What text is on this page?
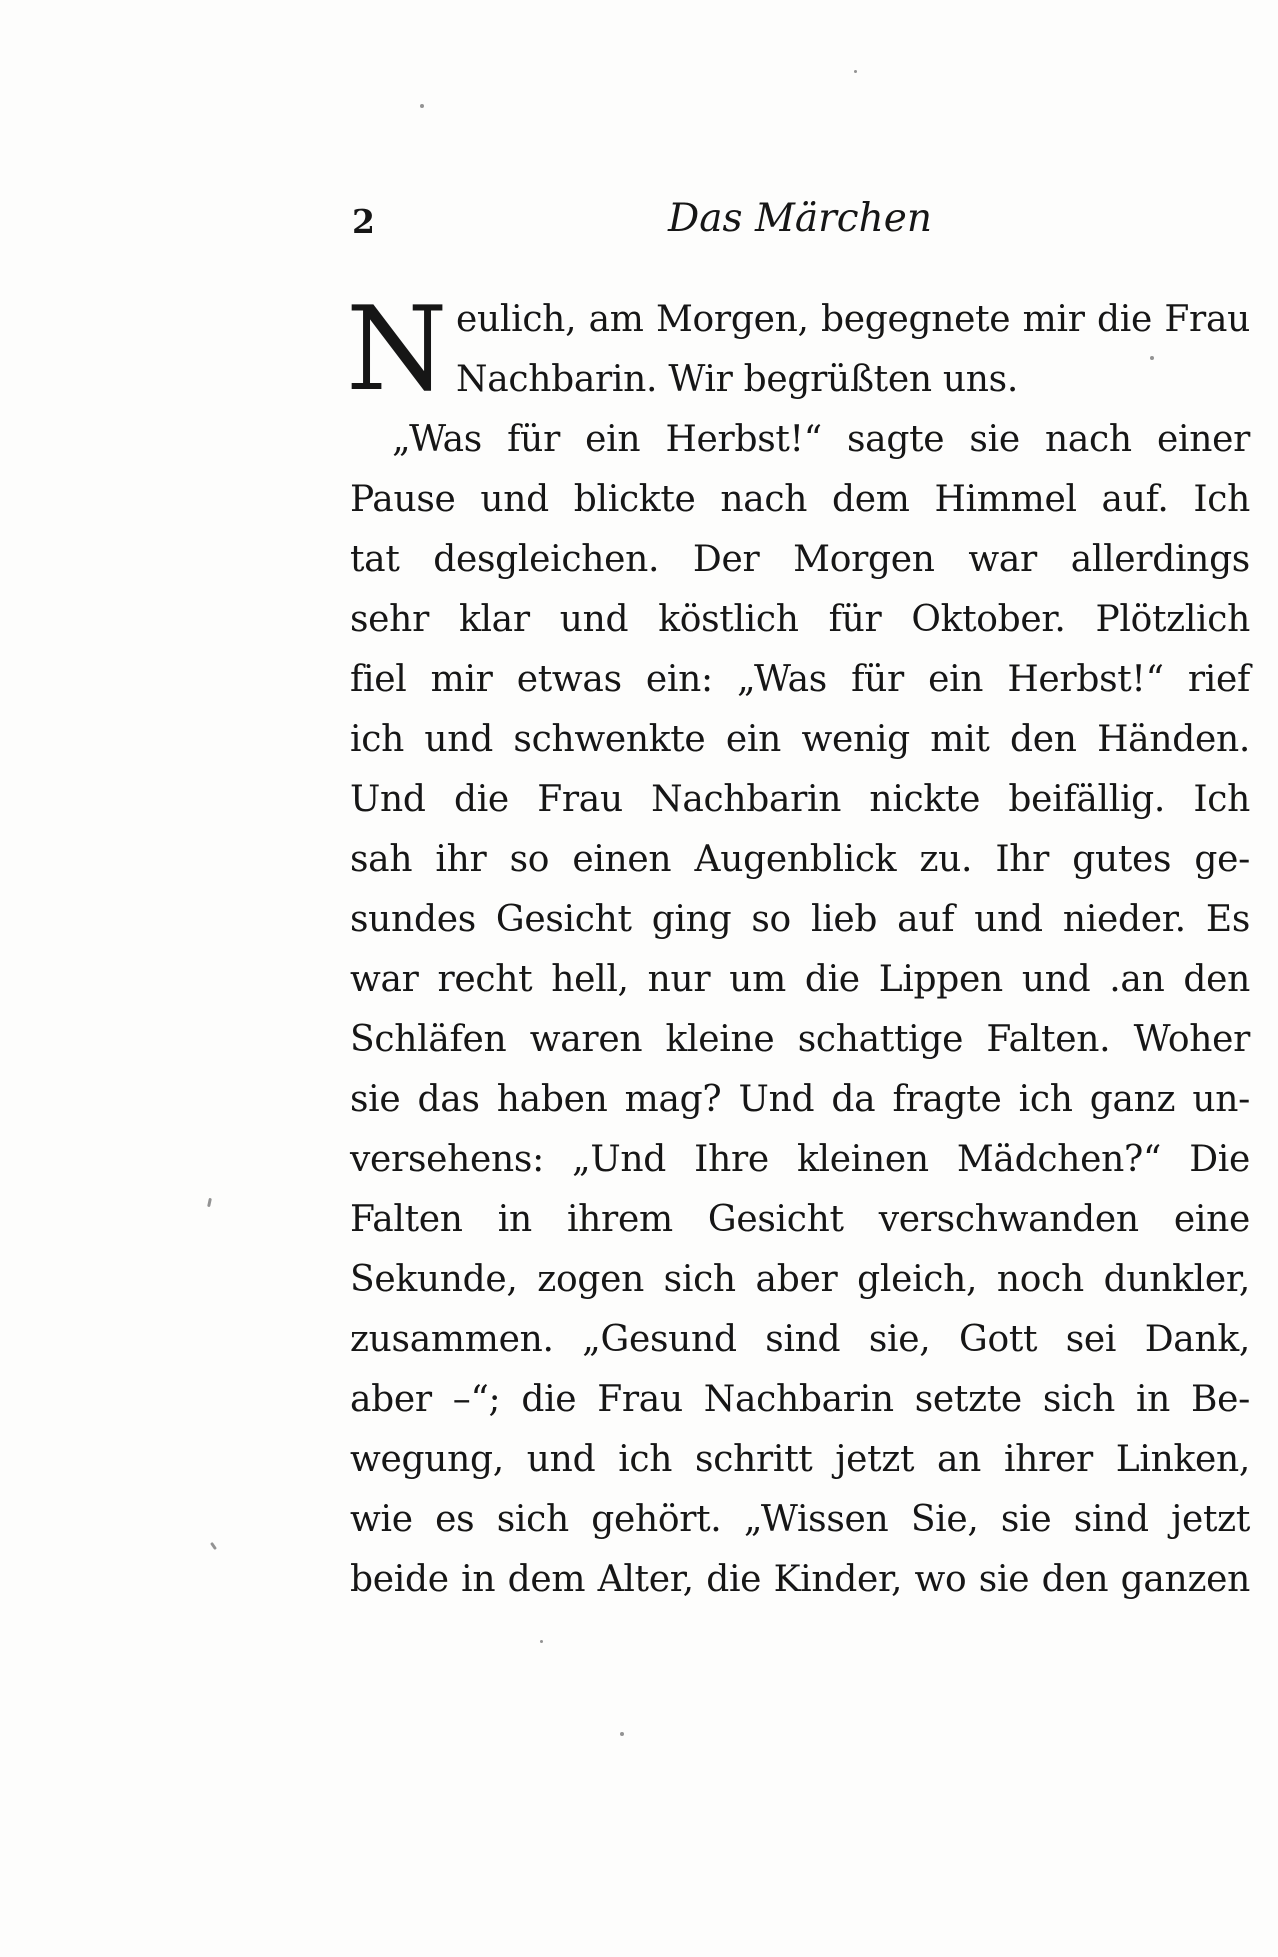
2	Das Märchen
N eulich, am Morgen, begegnete mir die Frau
Nachbarin. Wir begrüßten uns.
„Was für ein Herbst!“ sagte sie nach einer
Pause und blickte nach dem Himmel auf. Ich
tat desgleichen. Der Morgen war allerdings
sehr klar und köstlich für Oktober. Plötzlich
fiel mir etwas ein: „Was für ein Herbst!“ rief
ich und schwenkte ein wenig mit den Händen.
Und die Frau Nachbarin nickte beifällig. Ich
sah ihr so einen Augenblick zu. Ihr gutes ge-
sundes Gesicht ging so lieb auf und nieder. Es
war recht hell, nur um die Lippen und .an den
Schläfen waren kleine schattige Falten. Woher
sie das haben mag? Und da fragte ich ganz un-
versehens: „Und Ihre kleinen Mädchen?“ Die
Falten in ihrem Gesicht verschwanden eine
Sekunde, zogen sich aber gleich, noch dunkler,
zusammen. „Gesund sind sie, Gott sei Dank,
aber –“; die Frau Nachbarin setzte sich in Be-
wegung, und ich schritt jetzt an ihrer Linken,
wie es sich gehört. „Wissen Sie, sie sind jetzt
beide in dem Alter, die Kinder, wo sie den ganzen
